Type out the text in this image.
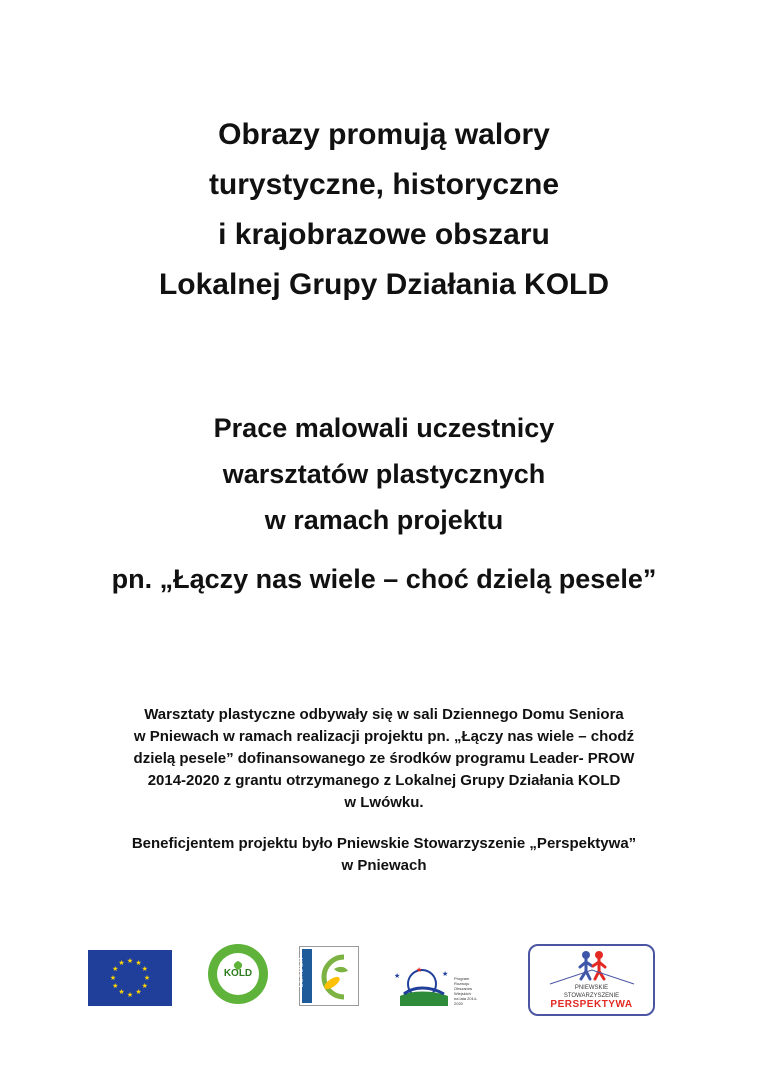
Obrazy promują walory
turystyczne, historyczne
i krajobrazowe obszaru
Lokalnej Grupy Działania KOLD
Prace malowali uczestnicy
warsztatów plastycznych
w ramach projektu
pn. „Łączy nas wiele – choć dzielą pesele”
Warsztaty plastyczne odbywały się w sali Dziennego Domu Seniora
w Pniewach w ramach realizacji projektu pn. „Łączy nas wiele – chodź
dzielą pesele” dofinansowanego ze środków programu Leader- PROW
2014-2020 z grantu otrzymanego z Lokalnej Grupy Działania KOLD
w Lwówku.
Beneficjentem projektu było Pniewskie Stowarzyszenie „Perspektywa”
w Pniewach
★ ★
★
★
★
★
★
★
★
★
★
★
KOLD	LEADER	★	★
★
Program
Rozwoju
Obszarów
Wiejskich
na lata 2014-2020
PNIEWSKIE
STOWARZYSZENIE
PERSPEKTYWA
